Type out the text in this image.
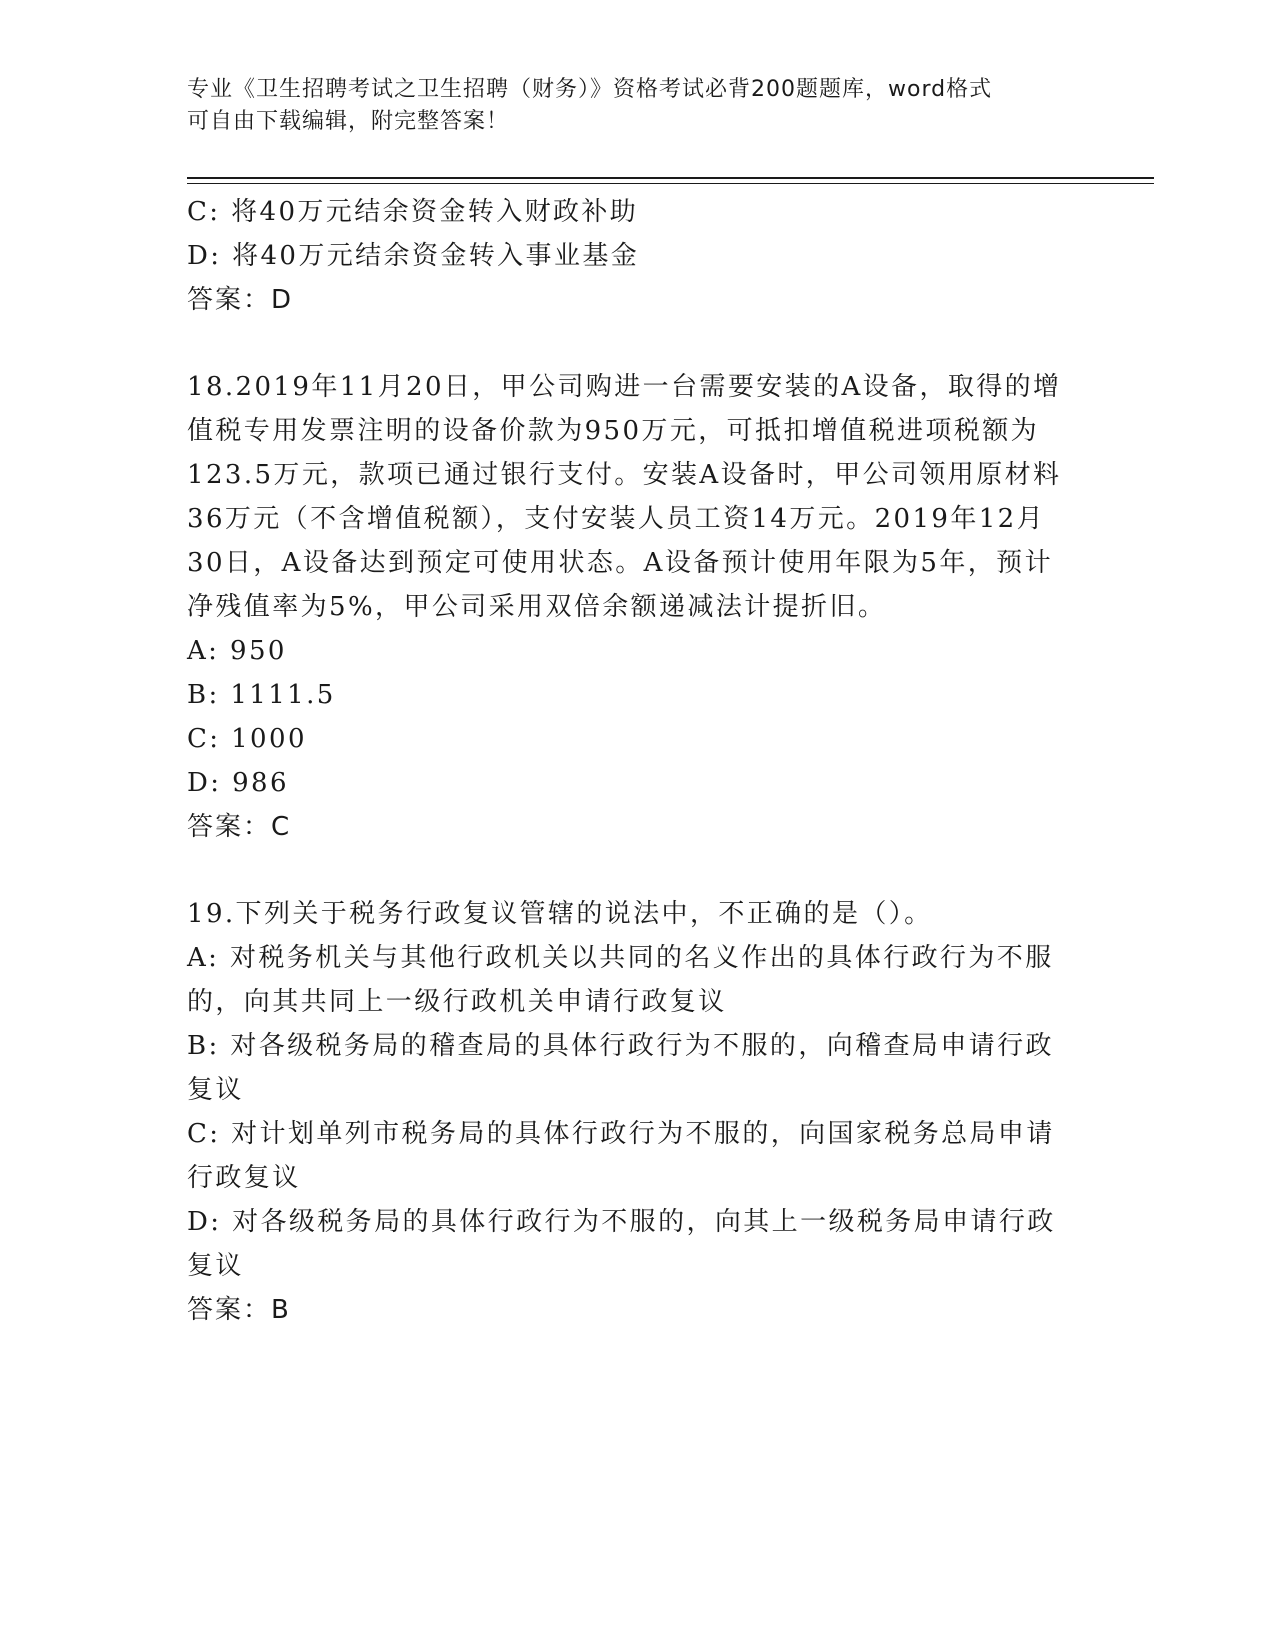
专业《卫生招聘考试之卫生招聘（财务）》资格考试必背200题题库，word格式
可自由下载编辑，附完整答案！
C: 将40万元结余资金转入财政补助
D: 将40万元结余资金转入事业基金
答案：D
18.2019年11月20日，甲公司购进一台需要安装的A设备，取得的增
值税专用发票注明的设备价款为950万元，可抵扣增值税进项税额为
123.5万元，款项已通过银行支付。安装A设备时，甲公司领用原材料
36万元（不含增值税额），支付安装人员工资14万元。2019年12月
30日，A设备达到预定可使用状态。A设备预计使用年限为5年，预计
净残值率为5%，甲公司采用双倍余额递减法计提折旧。
A: 950
B: 1111.5
C: 1000
D: 986
答案：C
19.下列关于税务行政复议管辖的说法中，不正确的是（）。
A: 对税务机关与其他行政机关以共同的名义作出的具体行政行为不服
的，向其共同上一级行政机关申请行政复议
B: 对各级税务局的稽查局的具体行政行为不服的，向稽查局申请行政
复议
C: 对计划单列市税务局的具体行政行为不服的，向国家税务总局申请
行政复议
D: 对各级税务局的具体行政行为不服的，向其上一级税务局申请行政
复议
答案：B
